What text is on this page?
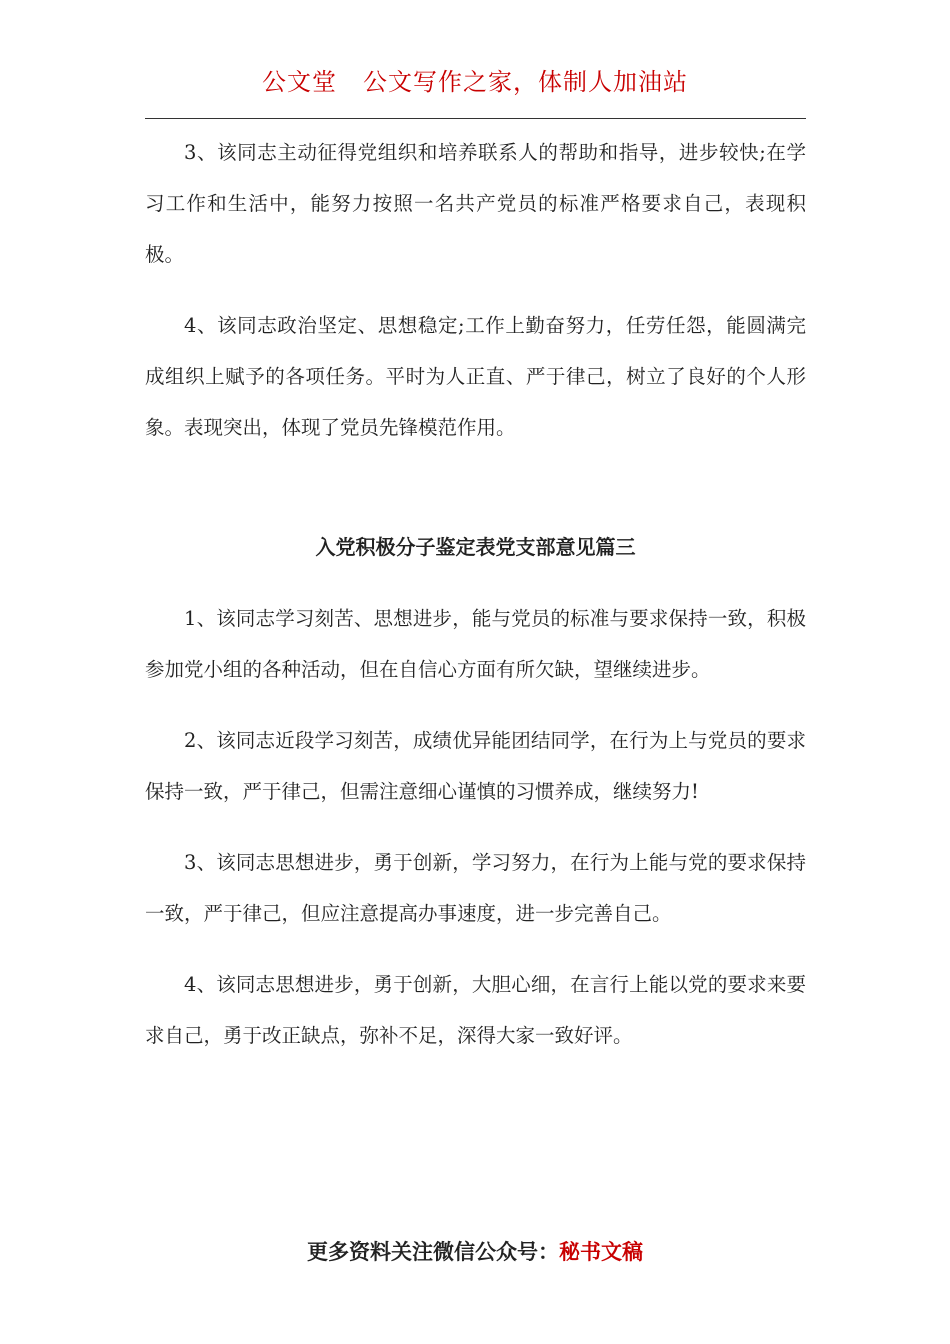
公文堂 公文写作之家，体制人加油站

3、该同志主动征得党组织和培养联系人的帮助和指导，进步较快;在学习工作和生活中，能努力按照一名共产党员的标准严格要求自己，表现积极。

4、该同志政治坚定、思想稳定;工作上勤奋努力，任劳任怨，能圆满完成组织上赋予的各项任务。平时为人正直、严于律己，树立了良好的个人形象。表现突出，体现了党员先锋模范作用。

入党积极分子鉴定表党支部意见篇三

1、该同志学习刻苦、思想进步，能与党员的标准与要求保持一致，积极参加党小组的各种活动，但在自信心方面有所欠缺，望继续进步。

2、该同志近段学习刻苦，成绩优异能团结同学，在行为上与党员的要求保持一致，严于律己，但需注意细心谨慎的习惯养成，继续努力!

3、该同志思想进步，勇于创新，学习努力，在行为上能与党的要求保持一致，严于律己，但应注意提高办事速度，进一步完善自己。

4、该同志思想进步，勇于创新，大胆心细，在言行上能以党的要求来要求自己，勇于改正缺点，弥补不足，深得大家一致好评。

更多资料关注微信公众号：秘书文稿
